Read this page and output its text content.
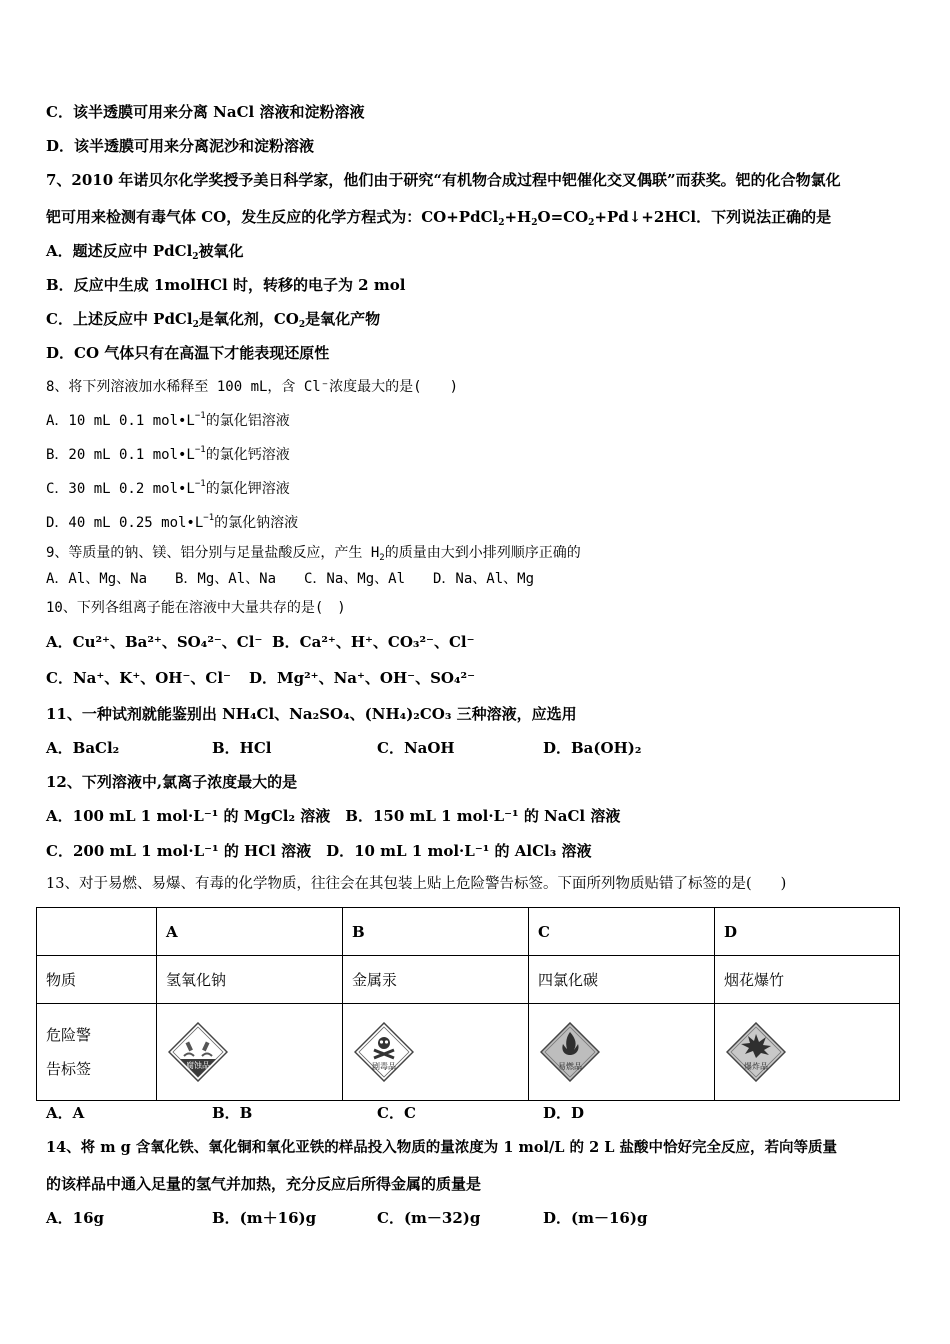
C．该半透膜可用来分离 NaCl 溶液和淀粉溶液
D．该半透膜可用来分离泥沙和淀粉溶液
7、2010 年诺贝尔化学奖授予美日科学家，他们由于研究“有机物合成过程中钯催化交叉偶联”而获奖。钯的化合物氯化
钯可用来检测有毒气体 CO，发生反应的化学方程式为：$CO+PdCl_2+H_2O=CO_2+Pd↓+2HCl$．下列说法正确的是
A．题述反应中 PdCl$_2$被氧化
B．反应中生成 1molHCl 时，转移的电子为 2 mol
C．上述反应中 PdCl$_2$是氧化剂，$CO_2$是氧化产物
D．CO 气体只有在高温下才能表现还原性
8、将下列溶液加水稀释至 100 mL，含 Cl⁻浓度最大的是(　　)
A．10 mL 0.1 $mol•L^{-1}$的氯化铝溶液
B．20 mL 0.1 $mol•L^{-1}$的氯化钙溶液
C．30 mL 0.2 $mol•L^{-1}$的氯化钾溶液
D．40 mL 0.25 $mol•L^{-1}$的氯化钠溶液
9、等质量的钠、镁、铝分别与足量盐酸反应，产生 $H_2$的质量由大到小排列顺序正确的
A．Al、Mg、Na　　B．Mg、Al、Na　　C．Na、Mg、Al　　D．Na、Al、Mg
10、下列各组离子能在溶液中大量共存的是(　)
A．Cu²⁺、Ba²⁺、SO₄²⁻、Cl⁻ B．Ca²⁺、H⁺、CO₃²⁻、Cl⁻
C．Na⁺、K⁺、OH⁻、Cl⁻ D．Mg²⁺、Na⁺、OH⁻、SO₄²⁻
11、一种试剂就能鉴别出 NH₄Cl、Na₂SO₄、(NH₄)₂CO₃ 三种溶液，应选用
A．BaCl₂	B．HCl	C．NaOH	D．Ba(OH)₂
12、下列溶液中,氯离子浓度最大的是
A．100 mL 1 mol·L⁻¹ 的 MgCl₂ 溶液　B．150 mL 1 mol·L⁻¹ 的 NaCl 溶液
C．200 mL 1 mol·L⁻¹ 的 HCl 溶液　D．10 mL 1 mol·L⁻¹ 的 AlCl₃ 溶液
13、对于易燃、易爆、有毒的化学物质，往往会在其包装上贴上危险警告标签。下面所列物质贴错了标签的是(　　)
	A	B	C	D
物质	氢氧化钠	金属汞	四氯化碳	烟花爆竹
危险警
告标签	腐蚀品	剧毒品	易燃品	爆炸品
A．A	B．B	C．C	D．D
14、将 m g 含氧化铁、氧化铜和氧化亚铁的样品投入物质的量浓度为 1 mol/L 的 2 L 盐酸中恰好完全反应，若向等质量
的该样品中通入足量的氢气并加热，充分反应后所得金属的质量是
A．16g	B．(m＋16)g	C．(m－32)g	D．(m－16)g
